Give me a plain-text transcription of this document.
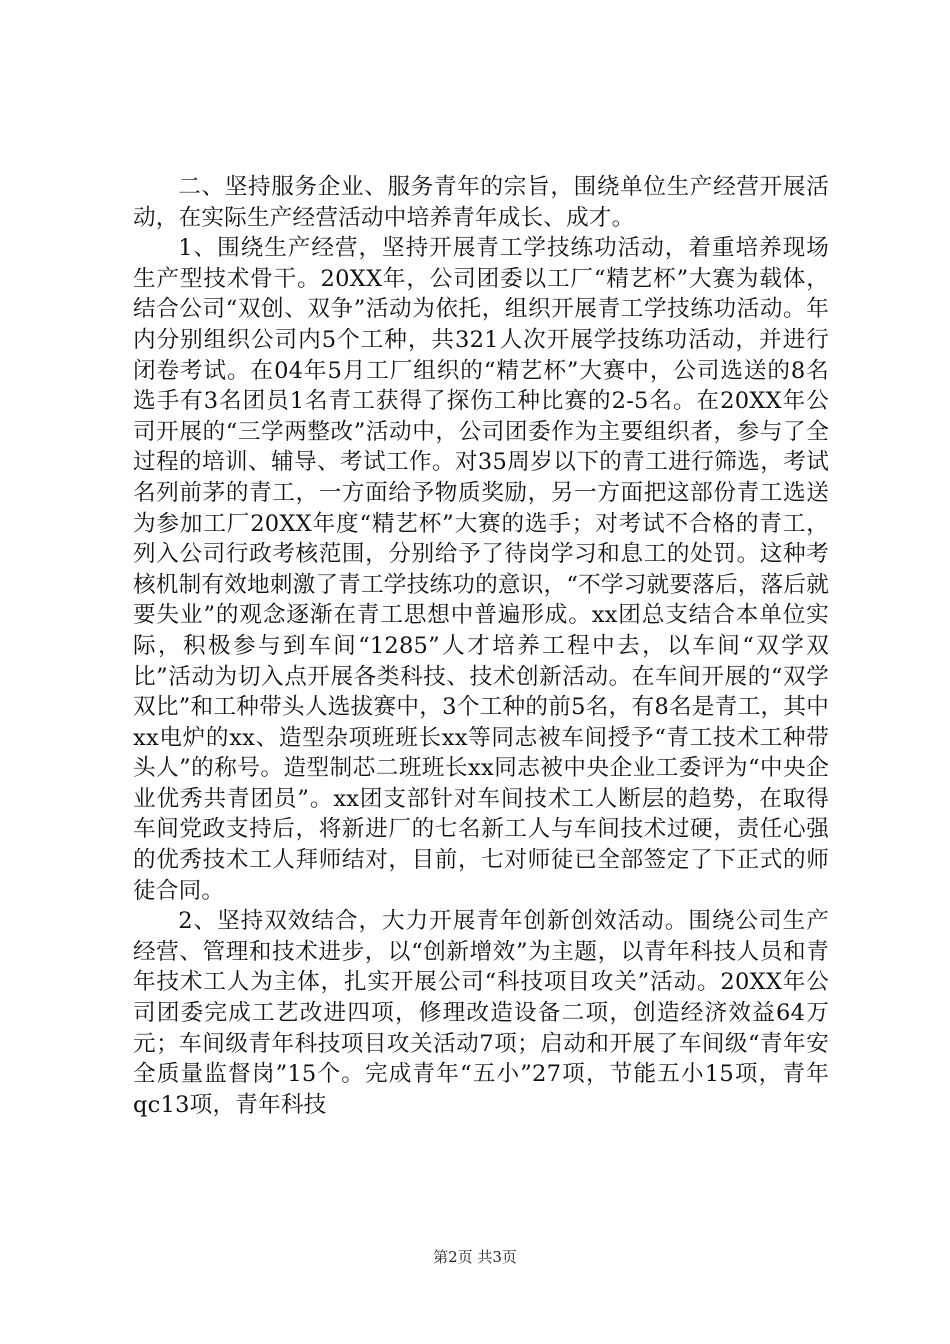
二、坚持服务企业、服务青年的宗旨，围绕单位生产经营开展活动，在实际生产经营活动中培养青年成长、成才。

1、围绕生产经营，坚持开展青工学技练功活动，着重培养现场生产型技术骨干。20XX年，公司团委以工厂“精艺杯”大赛为载体，结合公司“双创、双争”活动为依托，组织开展青工学技练功活动。年内分别组织公司内5个工种，共321人次开展学技练功活动，并进行闭卷考试。在04年5月工厂组织的“精艺杯”大赛中，公司选送的8名选手有3名团员1名青工获得了探伤工种比赛的2-5名。在20XX年公司开展的“三学两整改”活动中，公司团委作为主要组织者，参与了全过程的培训、辅导、考试工作。对35周岁以下的青工进行筛选，考试名列前茅的青工，一方面给予物质奖励，另一方面把这部份青工选送为参加工厂20XX年度“精艺杯”大赛的选手；对考试不合格的青工，列入公司行政考核范围，分别给予了待岗学习和息工的处罚。这种考核机制有效地刺激了青工学技练功的意识，“不学习就要落后，落后就要失业”的观念逐渐在青工思想中普遍形成。xx团总支结合本单位实际，积极参与到车间“1285”人才培养工程中去，以车间“双学双比”活动为切入点开展各类科技、技术创新活动。在车间开展的“双学双比”和工种带头人选拔赛中，3个工种的前5名，有8名是青工，其中xx电炉的xx、造型杂项班班长xx等同志被车间授予“青工技术工种带头人”的称号。造型制芯二班班长xx同志被中央企业工委评为“中央企业优秀共青团员”。xx团支部针对车间技术工人断层的趋势，在取得车间党政支持后，将新进厂的七名新工人与车间技术过硬，责任心强的优秀技术工人拜师结对，目前，七对师徒已全部签定了下正式的师徒合同。

2、坚持双效结合，大力开展青年创新创效活动。围绕公司生产经营、管理和技术进步，以“创新增效”为主题，以青年科技人员和青年技术工人为主体，扎实开展公司“科技项目攻关”活动。20XX年公司团委完成工艺改进四项，修理改造设备二项，创造经济效益64万元；车间级青年科技项目攻关活动7项；启动和开展了车间级“青年安全质量监督岗”15个。完成青年“五小”27项，节能五小15项，青年qc13项，青年科技

第2页 共3页
